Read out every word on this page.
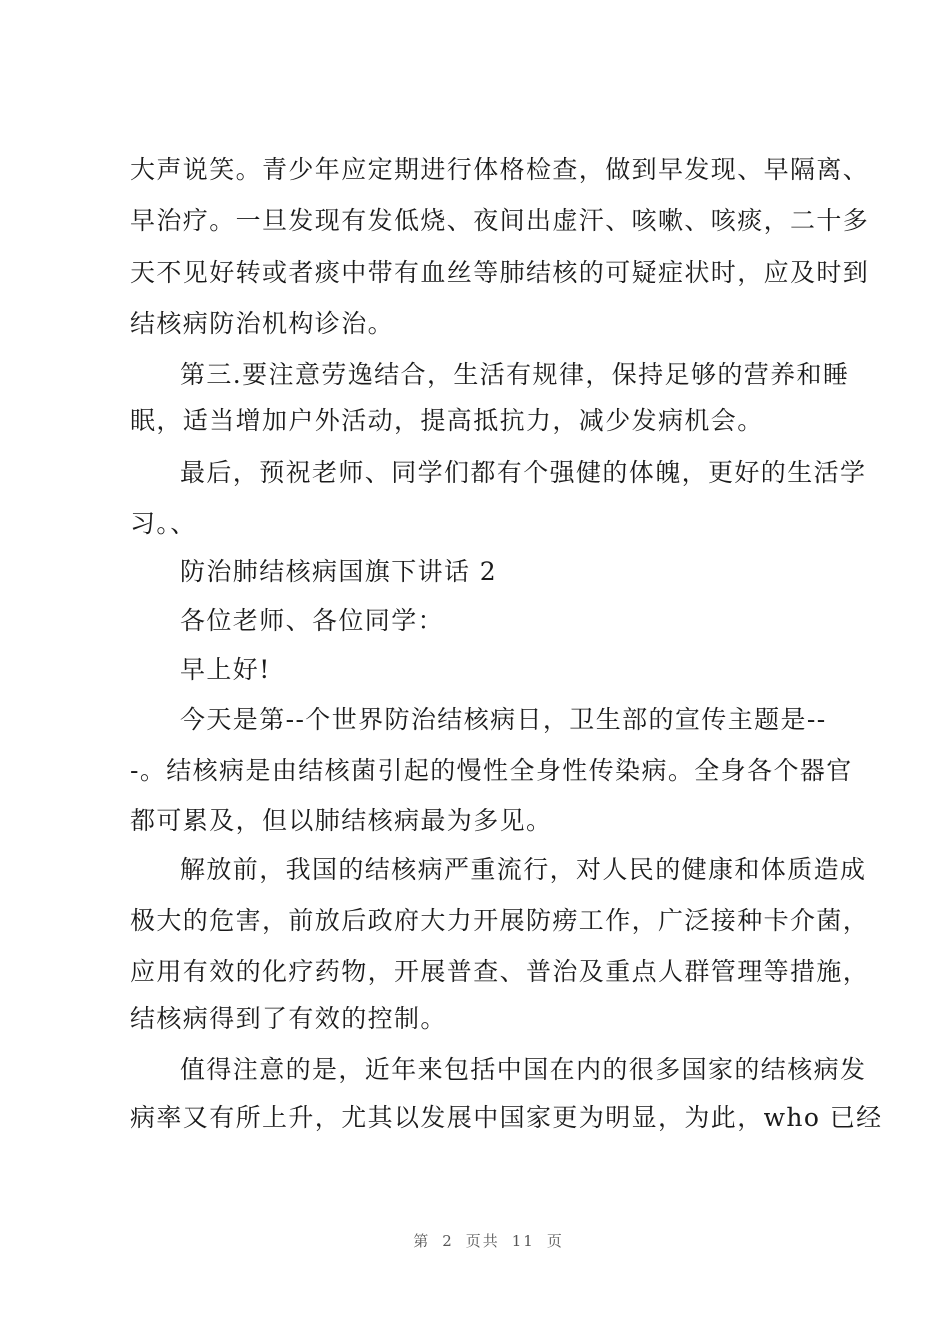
大声说笑。青少年应定期进行体格检查，做到早发现、早隔离、
早治疗。一旦发现有发低烧、夜间出虚汗、咳嗽、咳痰，二十多
天不见好转或者痰中带有血丝等肺结核的可疑症状时，应及时到
结核病防治机构诊治。
第三.要注意劳逸结合，生活有规律，保持足够的营养和睡
眠，适当增加户外活动，提高抵抗力，减少发病机会。
最后，预祝老师、同学们都有个强健的体魄，更好的生活学
习。、
防治肺结核病国旗下讲话 2
各位老师、各位同学：
早上好!
今天是第--个世界防治结核病日，卫生部的宣传主题是--
-。结核病是由结核菌引起的慢性全身性传染病。全身各个器官
都可累及，但以肺结核病最为多见。
解放前，我国的结核病严重流行，对人民的健康和体质造成
极大的危害，前放后政府大力开展防痨工作，广泛接种卡介菌，
应用有效的化疗药物，开展普查、普治及重点人群管理等措施，
结核病得到了有效的控制。
值得注意的是，近年来包括中国在内的很多国家的结核病发
病率又有所上升，尤其以发展中国家更为明显，为此，who 已经

第 2 页共 11 页
